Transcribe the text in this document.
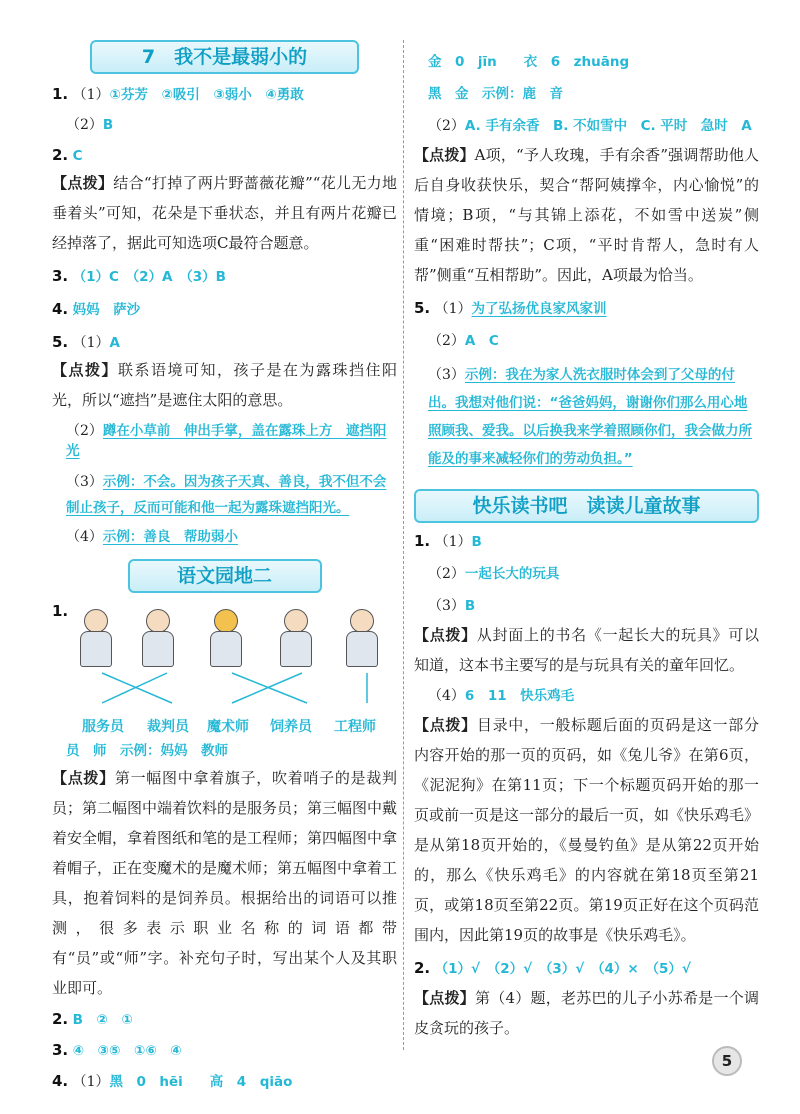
7　我不是最弱小的
1. （1）①芬芳　②吸引　③弱小　④勇敢
（2）B
2. C

【点拨】结合“打掉了两片野蔷薇花瓣”“花儿无力地垂着头”可知，花朵是下垂状态，并且有两片花瓣已经掉落了，据此可知选项C最符合题意。

3. （1）C　（2）A　（3）B
4. 妈妈　萨沙
5. （1）A

【点拨】联系语境可知，孩子是在为露珠挡住阳光，所以“遮挡”是遮住太阳的意思。

（2）蹲在小草前　伸出手掌，盖在露珠上方　遮挡阳光
（3）示例：不会。因为孩子天真、善良，我不但不会制止孩子，反而可能和他一起为露珠遮挡阳光。
（4）示例：善良　帮助弱小
语文园地二
1.
服务员 裁判员 魔术师 饲养员 工程师
员　师　示例：妈妈　教师

【点拨】第一幅图中拿着旗子，吹着哨子的是裁判员；第二幅图中端着饮料的是服务员；第三幅图中戴着安全帽，拿着图纸和笔的是工程师；第四幅图中拿着帽子，正在变魔术的是魔术师；第五幅图中拿着工具，抱着饲料的是饲养员。根据给出的词语可以推测，很多表示职业名称的词语都带有“员”或“师”字。补充句子时，写出某个人及其职业即可。

2. B　②　①
3. ④　③⑤　①⑥　④
4. （1）黑　0　hēi　　高　4　qiāo
金　0　jīn　　衣　6　zhuāng
黑　金　示例：鹿　音
（2）A. 手有余香　B. 不如雪中　C. 平时　急时　A

【点拨】A项，“予人玫瑰，手有余香”强调帮助他人后自身收获快乐，契合“帮阿姨撑伞，内心愉悦”的情境；B项，“与其锦上添花，不如雪中送炭”侧重“困难时帮扶”；C项，“平时肯帮人，急时有人帮”侧重“互相帮助”。因此，A项最为恰当。

5. （1）为了弘扬优良家风家训
（2）A　C
（3）示例：我在为家人洗衣服时体会到了父母的付出。我想对他们说：“爸爸妈妈，谢谢你们那么用心地照顾我、爱我。以后换我来学着照顾你们，我会做力所能及的事来减轻你们的劳动负担。”
快乐读书吧　读读儿童故事
1. （1）B
（2）一起长大的玩具
（3）B

【点拨】从封面上的书名《一起长大的玩具》可以知道，这本书主要写的是与玩具有关的童年回忆。

（4）6　11　快乐鸡毛

【点拨】目录中，一般标题后面的页码是这一部分内容开始的那一页的页码，如《兔儿爷》在第6页，《泥泥狗》在第11页；下一个标题页码开始的那一页或前一页是这一部分的最后一页，如《快乐鸡毛》是从第18页开始的，《曼曼钓鱼》是从第22页开始的，那么《快乐鸡毛》的内容就在第18页至第21页，或第18页至第22页。第19页正好在这个页码范围内，因此第19页的故事是《快乐鸡毛》。

2. （1）√　（2）√　（3）√　（4）×　（5）√

【点拨】第（4）题，老苏巴的儿子小苏希是一个调皮贪玩的孩子。

5
